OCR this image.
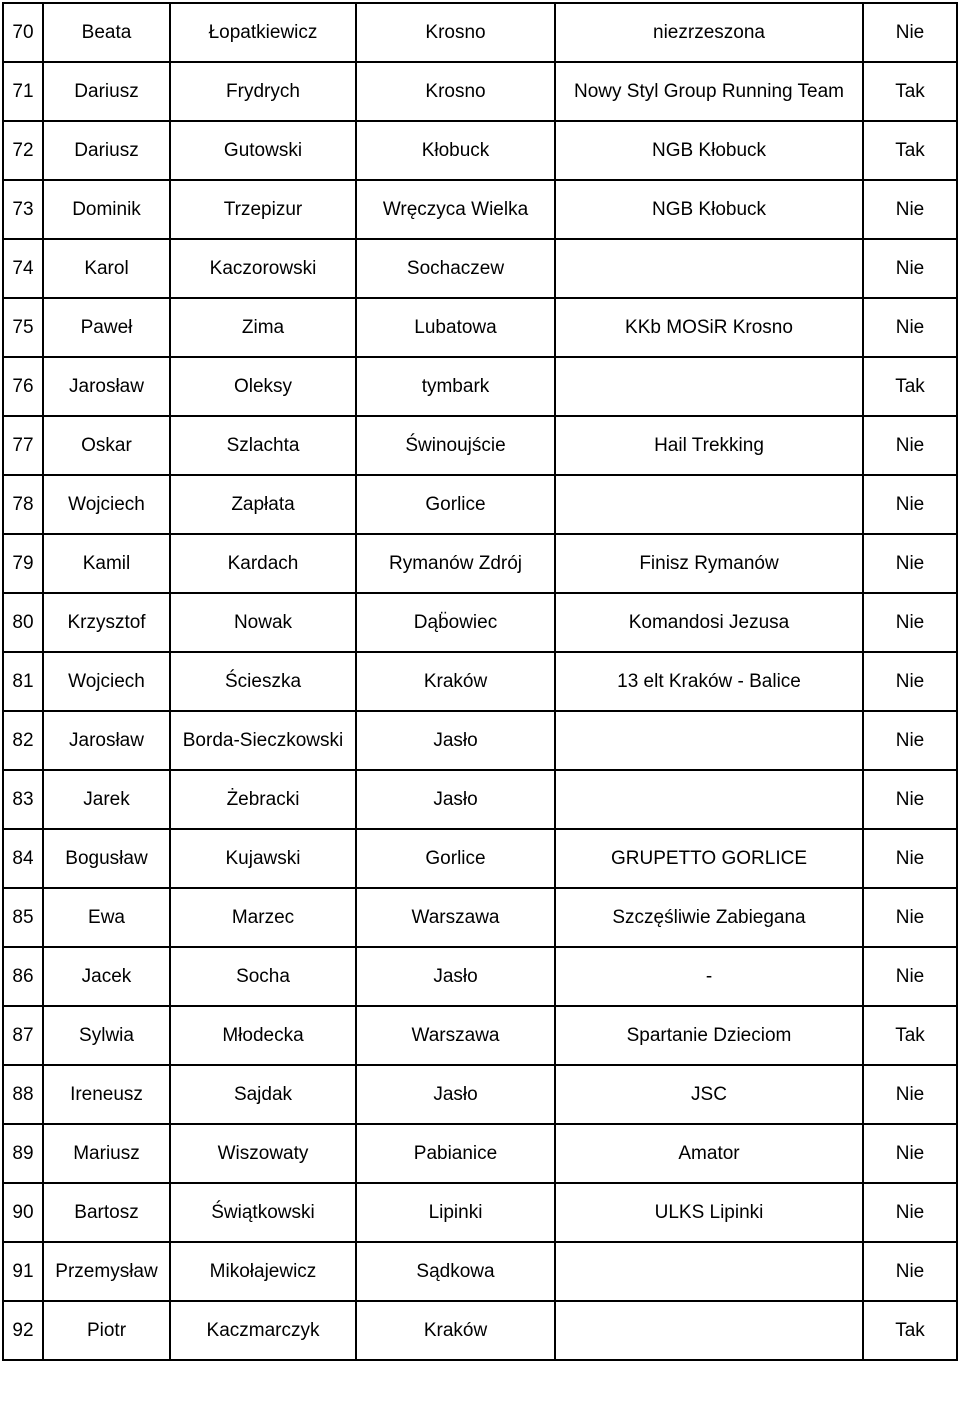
70	Beata	Łopatkiewicz	Krosno	niezrzeszona	Nie
71	Dariusz	Frydrych	Krosno	Nowy Styl Group Running Team	Tak
72	Dariusz	Gutowski	Kłobuck	NGB Kłobuck	Tak
73	Dominik	Trzepizur	Wręczyca Wielka	NGB Kłobuck	Nie
74	Karol	Kaczorowski	Sochaczew		Nie
75	Paweł	Zima	Lubatowa	KKb MOSiR Krosno	Nie
76	Jarosław	Oleksy	tymbark		Tak
77	Oskar	Szlachta	Świnoujście	Hail Trekking	Nie
78	Wojciech	Zapłata	Gorlice		Nie
79	Kamil	Kardach	Rymanów Zdrój	Finisz Rymanów	Nie
80	Krzysztof	Nowak	Dąb̈owiec	Komandosi Jezusa	Nie
81	Wojciech	Ścieszka	Kraków	13 elt Kraków - Balice	Nie
82	Jarosław	Borda-Sieczkowski	Jasło		Nie
83	Jarek	Żebracki	Jasło		Nie
84	Bogusław	Kujawski	Gorlice	GRUPETTO GORLICE	Nie
85	Ewa	Marzec	Warszawa	Szczęśliwie Zabiegana	Nie
86	Jacek	Socha	Jasło	-	Nie
87	Sylwia	Młodecka	Warszawa	Spartanie Dzieciom	Tak
88	Ireneusz	Sajdak	Jasło	JSC	Nie
89	Mariusz	Wiszowaty	Pabianice	Amator	Nie
90	Bartosz	Świątkowski	Lipinki	ULKS Lipinki	Nie
91	Przemysław	Mikołajewicz	Sądkowa		Nie
92	Piotr	Kaczmarczyk	Kraków		Tak
